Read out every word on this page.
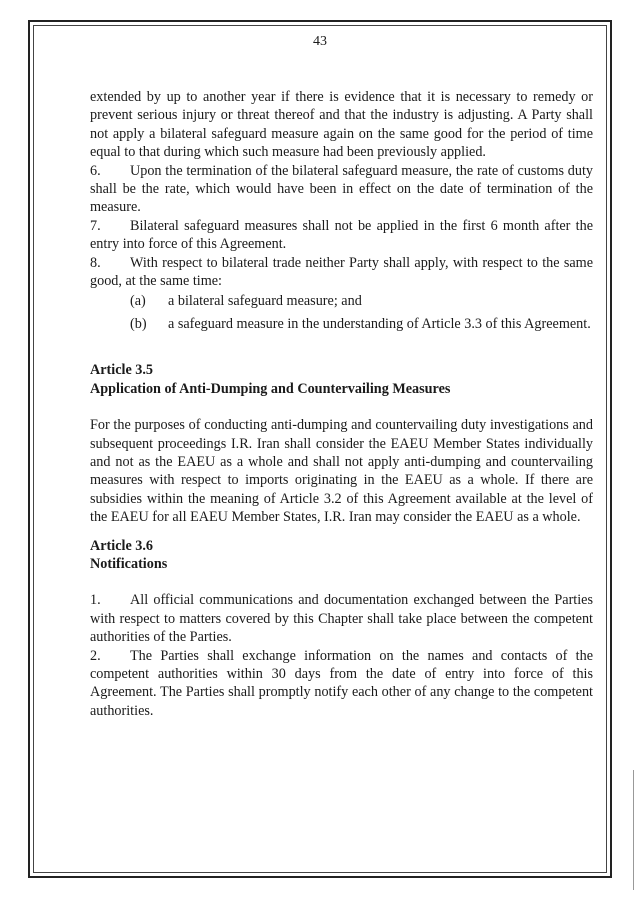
43

extended by up to another year if there is evidence that it is necessary to remedy or prevent serious injury or threat thereof and that the industry is adjusting. A Party shall not apply a bilateral safeguard measure again on the same good for the period of time equal to that during which such measure had been previously applied.

6. Upon the termination of the bilateral safeguard measure, the rate of customs duty shall be the rate, which would have been in effect on the date of termination of the measure.

7. Bilateral safeguard measures shall not be applied in the first 6 month after the entry into force of this Agreement.

8. With respect to bilateral trade neither Party shall apply, with respect to the same good, at the same time:

(a)	a bilateral safeguard measure; and
(b)	a safeguard measure in the understanding of Article 3.3 of this Agreement.

Article 3.5

Application of Anti-Dumping and Countervailing Measures

For the purposes of conducting anti-dumping and countervailing duty investigations and subsequent proceedings I.R. Iran shall consider the EAEU Member States individually and not as the EAEU as a whole and shall not apply anti-dumping and countervailing measures with respect to imports originating in the EAEU as a whole. If there are subsidies within the meaning of Article 3.2 of this Agreement available at the level of the EAEU for all EAEU Member States, I.R. Iran may consider the EAEU as a whole.

Article 3.6

Notifications

1. All official communications and documentation exchanged between the Parties with respect to matters covered by this Chapter shall take place between the competent authorities of the Parties.

2. The Parties shall exchange information on the names and contacts of the competent authorities within 30 days from the date of entry into force of this Agreement. The Parties shall promptly notify each other of any change to the competent authorities.
